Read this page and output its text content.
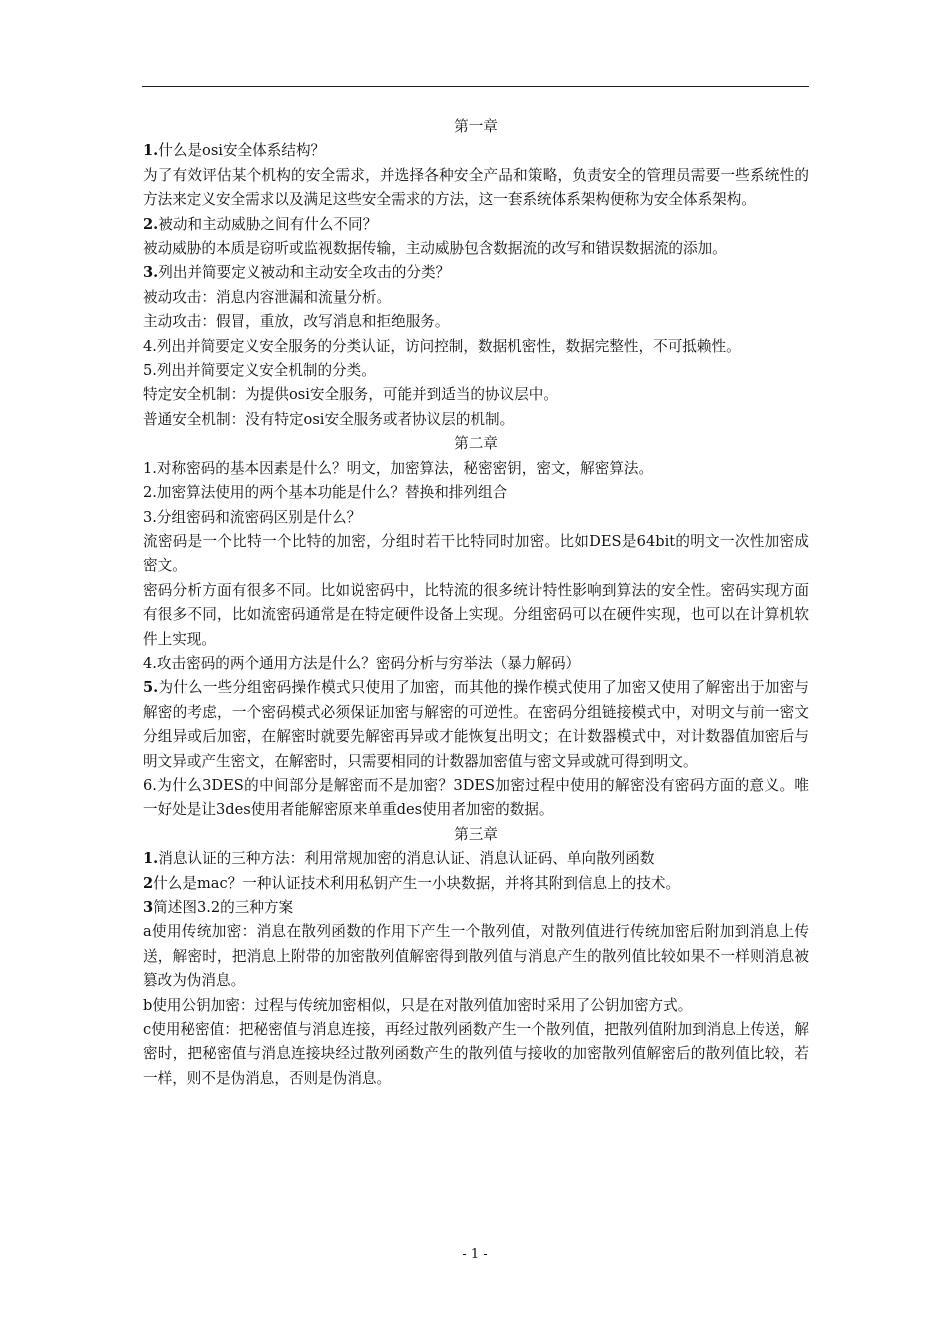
第一章

1.什么是osi安全体系结构？

为了有效评估某个机构的安全需求，并选择各种安全产品和策略，负责安全的管理员需要一些系统性的方法来定义安全需求以及满足这些安全需求的方法，这一套系统体系架构便称为安全体系架构。

2.被动和主动威胁之间有什么不同？

被动威胁的本质是窃听或监视数据传输，主动威胁包含数据流的改写和错误数据流的添加。

3.列出并简要定义被动和主动安全攻击的分类？

被动攻击：消息内容泄漏和流量分析。

主动攻击：假冒，重放，改写消息和拒绝服务。

4.列出并简要定义安全服务的分类认证，访问控制，数据机密性，数据完整性，不可抵赖性。

5.列出并简要定义安全机制的分类。

特定安全机制：为提供osi安全服务，可能并到适当的协议层中。

普通安全机制：没有特定osi安全服务或者协议层的机制。

第二章

1.对称密码的基本因素是什么？明文，加密算法，秘密密钥，密文，解密算法。

2.加密算法使用的两个基本功能是什么？替换和排列组合

3.分组密码和流密码区别是什么？

流密码是一个比特一个比特的加密，分组时若干比特同时加密。比如DES是64bit的明文一次性加密成密文。

密码分析方面有很多不同。比如说密码中，比特流的很多统计特性影响到算法的安全性。密码实现方面有很多不同，比如流密码通常是在特定硬件设备上实现。分组密码可以在硬件实现，也可以在计算机软件上实现。

4.攻击密码的两个通用方法是什么？密码分析与穷举法（暴力解码）

5.为什么一些分组密码操作模式只使用了加密，而其他的操作模式使用了加密又使用了解密出于加密与解密的考虑，一个密码模式必须保证加密与解密的可逆性。在密码分组链接模式中，对明文与前一密文分组异或后加密，在解密时就要先解密再异或才能恢复出明文；在计数器模式中，对计数器值加密后与明文异或产生密文，在解密时，只需要相同的计数器加密值与密文异或就可得到明文。

6.为什么3DES的中间部分是解密而不是加密？3DES加密过程中使用的解密没有密码方面的意义。唯一好处是让3des使用者能解密原来单重des使用者加密的数据。

第三章

1.消息认证的三种方法：利用常规加密的消息认证、消息认证码、单向散列函数

2什么是mac？一种认证技术利用私钥产生一小块数据，并将其附到信息上的技术。

3简述图3.2的三种方案

a使用传统加密：消息在散列函数的作用下产生一个散列值，对散列值进行传统加密后附加到消息上传送，解密时，把消息上附带的加密散列值解密得到散列值与消息产生的散列值比较如果不一样则消息被篡改为伪消息。

b使用公钥加密：过程与传统加密相似，只是在对散列值加密时采用了公钥加密方式。

c使用秘密值：把秘密值与消息连接，再经过散列函数产生一个散列值，把散列值附加到消息上传送，解密时，把秘密值与消息连接块经过散列函数产生的散列值与接收的加密散列值解密后的散列值比较，若一样，则不是伪消息，否则是伪消息。

- 1 -
